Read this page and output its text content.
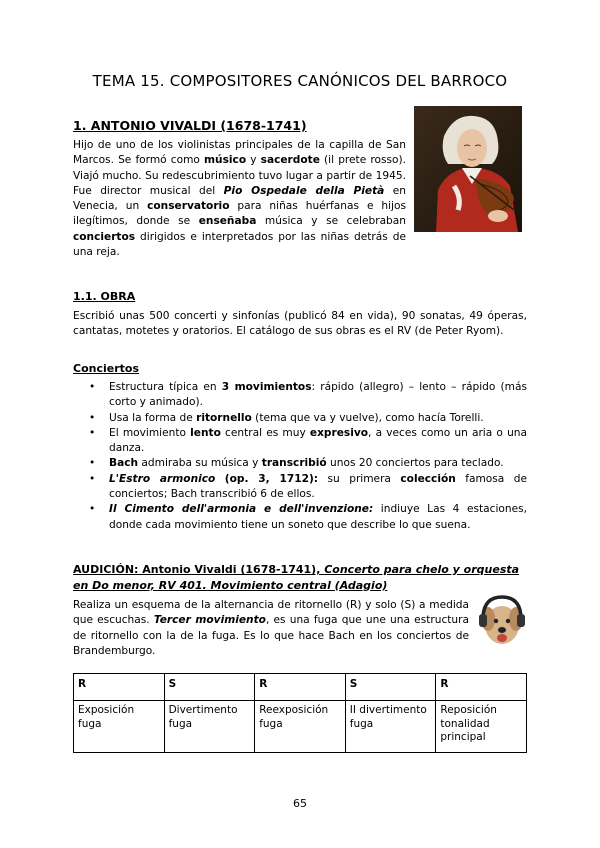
TEMA 15. COMPOSITORES CANÓNICOS DEL BARROCO
1. ANTONIO VIVALDI (1678-1741)
Hijo de uno de los violinistas principales de la capilla de San Marcos. Se formó como músico y sacerdote (il prete rosso). Viajó mucho. Su redescubrimiento tuvo lugar a partir de 1945. Fue director musical del Pio Ospedale della Pietà en Venecia, un conservatorio para niñas huérfanas e hijos ilegítimos, donde se enseñaba música y se celebraban conciertos dirigidos e interpretados por las niñas detrás de una reja.
1.1. OBRA
Escribió unas 500 concerti y sinfonías (publicó 84 en vida), 90 sonatas, 49 óperas, cantatas, motetes y oratorios. El catálogo de sus obras es el RV (de Peter Ryom).
Conciertos
• Estructura típica en 3 movimientos: rápido (allegro) – lento – rápido (más corto y animado).
• Usa la forma de ritornello (tema que va y vuelve), como hacía Torelli.
• El movimiento lento central es muy expresivo, a veces como un aria o una danza.
• Bach admiraba su música y transcribió unos 20 conciertos para teclado.
• L'Estro armonico (op. 3, 1712): su primera colección famosa de conciertos; Bach transcribió 6 de ellos.
• Il Cimento dell'armonia e dell'invenzione: indiuye Las 4 estaciones, donde cada movimiento tiene un soneto que describe lo que suena.
AUDICIÓN: Antonio Vivaldi (1678-1741), Concerto para chelo y orquesta en Do menor, RV 401. Movimiento central (Adagio)
Realiza un esquema de la alternancia de ritornello (R) y solo (S) a medida que escuchas. Tercer movimiento, es una fuga que une una estructura de ritornello con la de la fuga. Es lo que hace Bach en los conciertos de Brandemburgo.
R	S	R	S	R
Exposición fuga	Divertimento fuga	Reexposición fuga	II divertimento fuga	Reposición tonalidad principal
65
